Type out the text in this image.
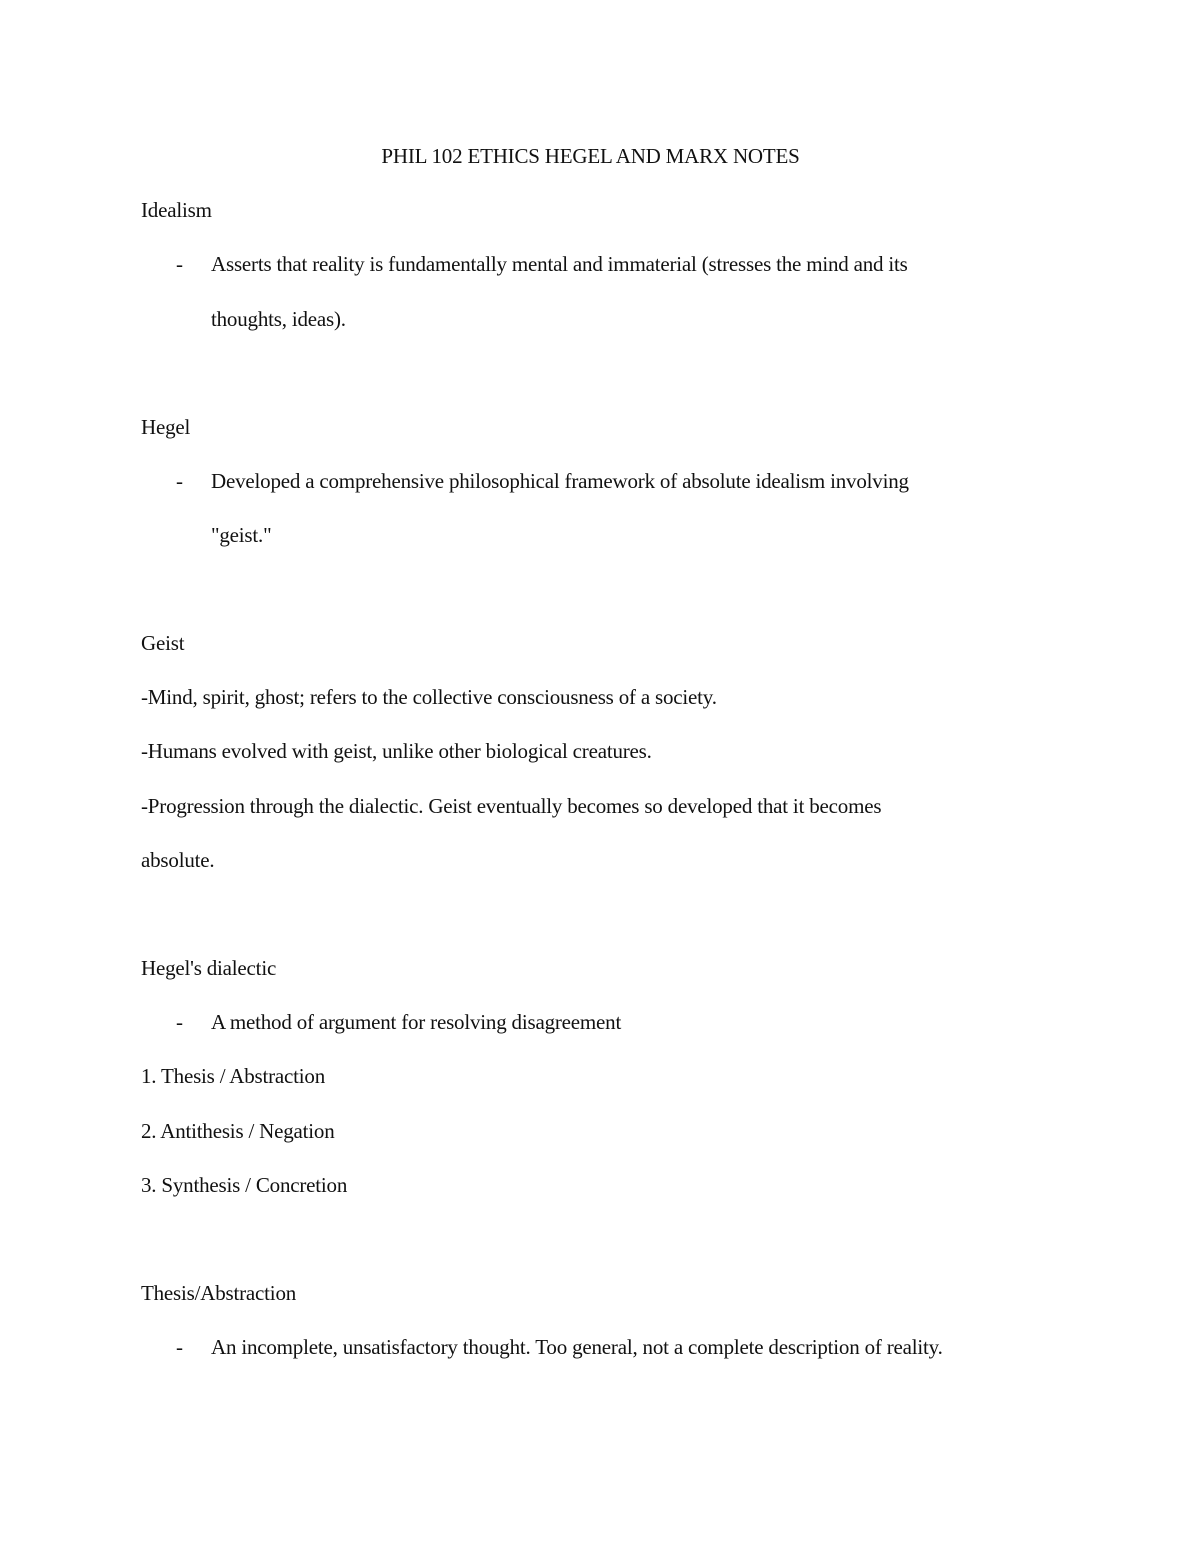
PHIL 102 ETHICS HEGEL AND MARX NOTES
Idealism
- Asserts that reality is fundamentally mental and immaterial (stresses the mind and its
thoughts, ideas).
Hegel
- Developed a comprehensive philosophical framework of absolute idealism involving
"geist."
Geist
-Mind, spirit, ghost; refers to the collective consciousness of a society.
-Humans evolved with geist, unlike other biological creatures.
-Progression through the dialectic. Geist eventually becomes so developed that it becomes
absolute.
Hegel's dialectic
- A method of argument for resolving disagreement
1. Thesis / Abstraction
2. Antithesis / Negation
3. Synthesis / Concretion
Thesis/Abstraction
- An incomplete, unsatisfactory thought. Too general, not a complete description of reality.
